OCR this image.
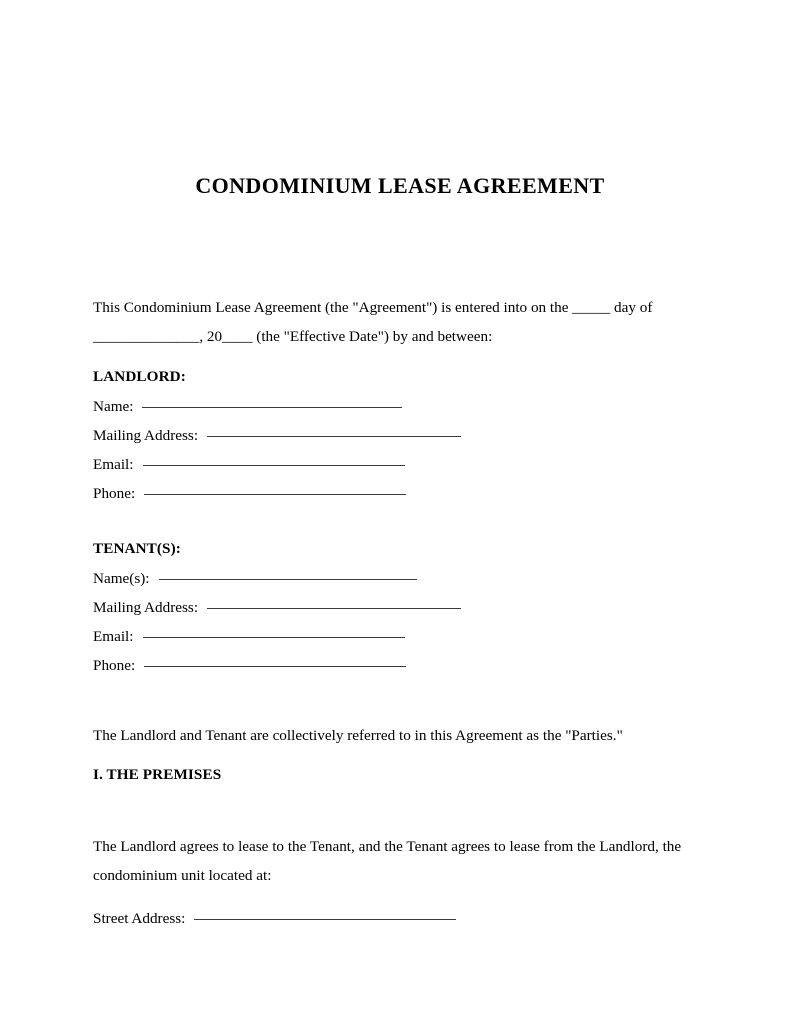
CONDOMINIUM LEASE AGREEMENT

This Condominium Lease Agreement (the "Agreement") is entered into on the _____ day of ______________, 20____ (the "Effective Date") by and between:

LANDLORD:
Name:
Mailing Address:
Email:
Phone:
TENANT(S):
Name(s):
Mailing Address:
Email:
Phone:

The Landlord and Tenant are collectively referred to in this Agreement as the "Parties."

I. THE PREMISES

The Landlord agrees to lease to the Tenant, and the Tenant agrees to lease from the Landlord, the condominium unit located at:

Street Address:
